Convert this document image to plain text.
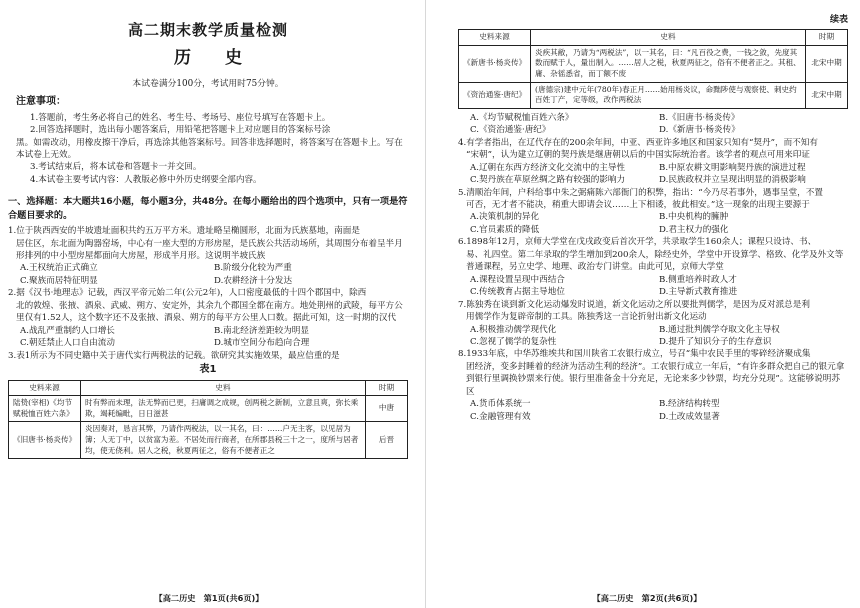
高二期末教学质量检测
历 史
本试卷满分100分，考试用时75分钟。
注意事项：
1.答题前，考生务必将自己的姓名、考生号、考场号、座位号填写在答题卡上。
2.回答选择题时，选出每小题答案后，用铅笔把答题卡上对应题目的答案标号涂
黑。如需改动，用橡皮擦干净后，再选涂其他答案标号。回答非选择题时，将答案写在答题卡上。写在本试卷上无效。
3.考试结束后，将本试卷和答题卡一并交回。
4.本试卷主要考试内容：人教版必修中外历史纲要全部内容。
一、选择题：本大题共16小题，每小题3分，共48分。在每小题给出的四个选项中，只有一项是符合题目要求的。
1.位于陕西西安的半坡遗址面积共约五万平方米。遗址略呈椭圆形，北面为氏族墓地，南面是
居住区，东北面为陶器窑场，中心有一座大型的方形房屋，是氏族公共活动场所，其周围分布着呈半月形排列的中小型房屋都面向大房屋，形成半月形。这说明半坡氏族
A.王权统治正式确立	B.阶级分化较为严重
C.聚族而居特征明显	D.农耕经济十分发达
2.据《汉书·地理志》记载，西汉平帝元始二年(公元2年)，人口密度最低的十四个郡国中，除西
北的敦煌、张掖、酒泉、武威、朔方、安定外，其余九个郡国全都在南方。地处荆州的武陵，每平方公里仅有1.52人，这个数字还不及张掖、酒泉、朔方的每平方公里人口数。据此可知，这一时期的汉代
A.战乱严重制约人口增长	B.南北经济差距较为明显
C.朝廷禁止人口自由流动	D.城市空间分布趋向合理
3.表1所示为不同史籍中关于唐代实行两税法的记载。欲研究其实施效果，最应信重的是
表1
史料来源	史料	时期
陆贽(宰相)《均节赋税恤百姓六条》	时有弊而未理，法无弊而已更，扫庸调之成规，创两税之新制，立意且爽，弥长乘欺，竭耗编毗，日日滋甚	中唐
《旧唐书·杨炎传》	炎因奏对，恳言其弊，乃请作两税法，以一其名，曰：……户无主客，以见居为簿；人无丁中，以贫富为差。不居处而行商者，在所郡县税三十之一，度所与居者均，使无侥利。居人之税，秋夏两征之，俗有不便者正之	后晋
【高二历史　第1页(共6页)】
续表
史料来源	史料	时期
《新唐书·杨炎传》	炎疾其敝，乃请为“两税法”，以一其名，曰：“凡百役之费，一钱之敛，先度其数而赋于人，量出制入。……居人之税，秋夏两征之，俗有不便者正之。其租、庸、杂徭悉省，而丁额不废	北宋中期
《资治通鉴·唐纪》	(唐德宗)建中元年(780年)春正月……始用杨炎议，命黜陟使与观察使、刺史约百姓丁产，定等级，改作两税法	北宋中期
A.《均节赋税恤百姓六条》	B.《旧唐书·杨炎传》
C.《资治通鉴·唐纪》	D.《新唐书·杨炎传》
4.有学者指出，在辽代存在的200余年间，中亚、西亚许多地区和国家只知有“契丹”，而不知有
“宋朝”，认为建立辽朝的契丹族是继唐朝以后的中国实际统治者。该学者的观点可用来印证
A.辽朝在东西方经济文化交流中的主导性	B.中原农耕文明影响契丹族的演进过程
C.契丹族在草原丝绸之路有较强的影响力	D.民族政权并立呈现出明显的消极影响
5.清顺治年间，户科给事中朱之弼痛陈六部衙门的积弊，指出：“今乃尽若事外，遇事呈堂，不置
可否，无才者不能决，稍重大即请会议……上下相诿，彼此相安。”这一现象的出现主要源于
A.决策机制的异化	B.中央机构的臃肿
C.官员素质的降低	D.君主权力的强化
6.1898年12月，京师大学堂在戊戌政变后首次开学，共录取学生160余人；课程只设诗、书、
易、礼四堂。第二年录取的学生增加到200余人，除经史外，学堂中开设算学、格致、化学及外文等普通课程，另立史学、地理、政治专门讲堂。由此可见，京师大学堂
A.课程设置呈现中西结合	B.侧重培养时政人才
C.传统教育占据主导地位	D.主导新式教育推进
7.陈独秀在谈到新文化运动爆发时说道，新文化运动之所以要批判儒学，是因为反对派总是利
用儒学作为复辟帝制的工具。陈独秀这一言论折射出新文化运动
A.积极推动儒学现代化	B.通过批判儒学夺取文化主导权
C.忽视了儒学的复杂性	D.提升了知识分子的生存意识
8.1933年底，中华苏维埃共和国川陕省工农银行成立，号召“集中农民手里的零碎经济聚成集
团经济，变多封睡着的经济为活动生利的经济”。工农银行成立一年后，“有许多群众把自己的银元拿到银行里调换钞票来行使。银行里准备金十分充足，无论来多少钞票，均充分兑现”。这能够说明苏区
A.货币体系统一	B.经济结构转型
C.金融管理有效	D.土改成效显著
【高二历史　第2页(共6页)】
